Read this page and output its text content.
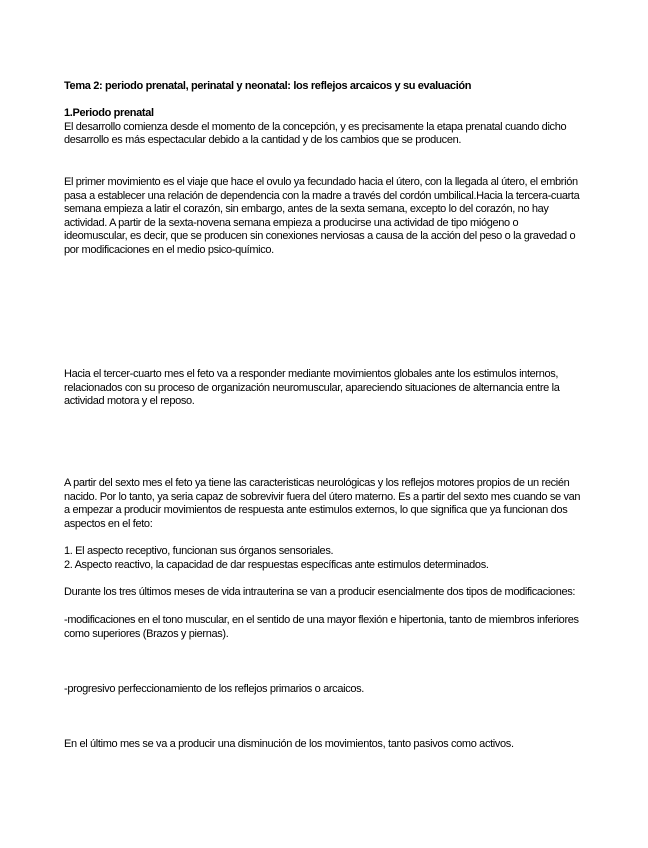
Tema 2: periodo prenatal, perinatal y neonatal: los reflejos arcaicos y su evaluación

1.Periodo prenatal
El desarrollo comienza desde el momento de la concepción, y es precisamente la etapa prenatal cuando dicho desarrollo es más espectacular debido a la cantidad y de los cambios que se producen.

El primer movimiento es el viaje que hace el ovulo ya fecundado hacia el útero, con la llegada al útero, el embrión pasa a establecer una relación de dependencia con la madre a través del cordón umbilical.Hacia la tercera-cuarta semana empieza a latir el corazón, sin embargo, antes de la sexta semana, excepto lo del corazón, no hay actividad. A partir de la sexta-novena semana empieza a producirse una actividad de tipo miógeno o ideomuscular, es decir, que se producen sin conexiones nerviosas a causa de la acción del peso o la gravedad o por modificaciones en el medio psico-químico.

Hacia el tercer-cuarto mes el feto va a responder mediante movimientos globales ante los estimulos internos, relacionados con su proceso de organización neuromuscular, apareciendo situaciones de alternancia entre la actividad motora y el reposo.

A partir del sexto mes el feto ya tiene las caracteristicas neurológicas y los reflejos motores propios de un recién nacido. Por lo tanto, ya seria capaz de sobrevivir fuera del útero materno. Es a partir del sexto mes cuando se van a empezar a producir movimientos de respuesta ante estimulos externos, lo que significa que ya funcionan dos aspectos en el feto:

1. El aspecto receptivo, funcionan sus órganos sensoriales.
2. Aspecto reactivo, la capacidad de dar respuestas específicas ante estimulos determinados.

Durante los tres últimos meses de vida intrauterina se van a producir esencialmente dos tipos de modificaciones:

-modificaciones en el tono muscular, en el sentido de una mayor flexión e hipertonia, tanto de miembros inferiores como superiores (Brazos y piernas).

-progresivo perfeccionamiento de los reflejos primarios o arcaicos.

En el último mes se va a producir una disminución de los movimientos, tanto pasivos como activos.
